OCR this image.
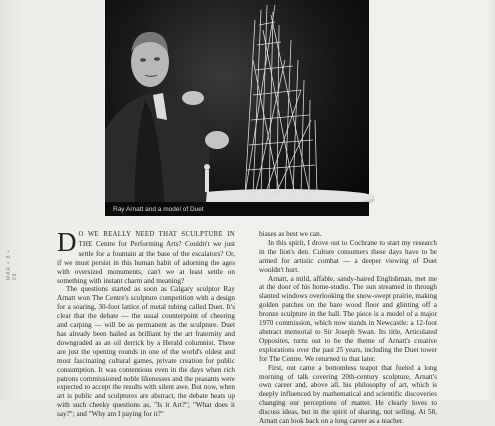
MAR • 8 • 88
Ray Arnatt and a model of Duet

D O WE REALLY NEED THAT SCULPTURE IN THE Centre for Performing Arts? Couldn't we just settle for a fountain at the base of the escalators? Or, if we must persist in this human habit of adorning the ages with oversized monuments, can't we at least settle on something with instant charm and meaning?

The questions started as soon as Calgary sculptor Ray Arnatt won The Centre's sculpture competition with a design for a soaring, 30-foot lattice of metal tubing called Duet. It's clear that the debate — the usual counterpoint of cheering and carping — will be as permanent as the sculpture. Duet has already been hailed as brilliant by the art fraternity and downgraded as an oil derrick by a Herald columnist. These are just the opening rounds in one of the world's oldest and most fascinating cultural games, private creation for public consumption. It was contentious even in the days when rich patrons commissioned noble likenesses and the peasants were expected to accept the results with silent awe. But now, when art is public and sculptures are abstract, the debate heats up with such cheeky questions as, "Is it Art?"; "What does it say?"; and "Why am I paying for it?"

biases as best we can.

In this spirit, I drove out to Cochrane to start my research in the lion's den. Culture consumers these days have to be armed for artistic combat — a deeper viewing of Duet wouldn't hurt.

Arnatt, a mild, affable, sandy-haired Englishman, met me at the door of his home-studio. The sun streamed in through slanted windows overlooking the snow-swept prairie, making golden patches on the bare wood floor and glinting off a bronze sculpture in the hall. The piece is a model of a major 1970 commission, which now stands in Newcastle: a 12-foot abstract memorial to Sir Joseph Swan. Its title, Articulated Opposites, turns out to be the theme of Arnatt's creative explorations over the past 25 years, including the Duet tower for The Centre. We returned to that later.

First, out came a bottomless teapot that fueled a long morning of talk covering 20th-century sculpture, Arnatt's own career and, above all, his philosophy of art, which is deeply influenced by mathematical and scientific discoveries changing our perceptions of matter. He clearly loves to discuss ideas, but in the spirit of sharing, not selling. At 58, Arnatt can look back on a long career as a teacher.
